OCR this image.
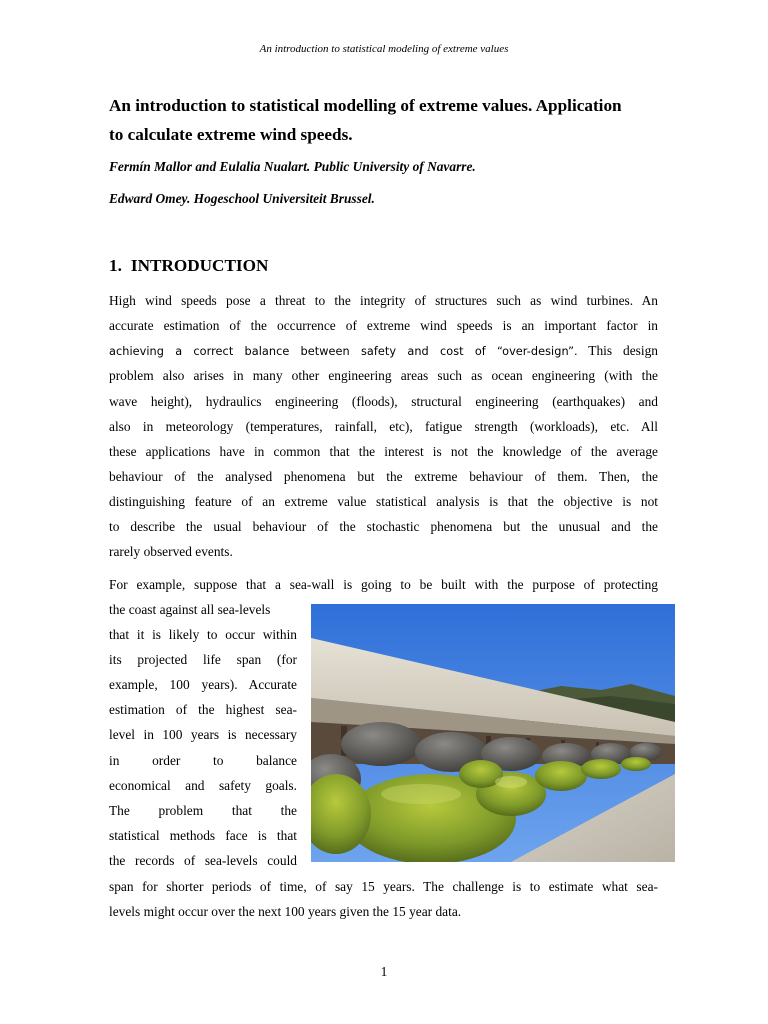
An introduction to statistical modeling of extreme values
An introduction to statistical modelling of extreme values. Application
to calculate extreme wind speeds.

Fermín Mallor and Eulalia Nualart. Public University of Navarre.

Edward Omey. Hogeschool Universiteit Brussel.

1. INTRODUCTION

High wind speeds pose a threat to the integrity of structures such as wind turbines. An

accurate estimation of the occurrence of extreme wind speeds is an important factor in

achieving a correct balance between safety and cost of “over-design”. This design

problem also arises in many other engineering areas such as ocean engineering (with the

wave height), hydraulics engineering (floods), structural engineering (earthquakes) and

also in meteorology (temperatures, rainfall, etc), fatigue strength (workloads), etc. All

these applications have in common that the interest is not the knowledge of the average

behaviour of the analysed phenomena but the extreme behaviour of them. Then, the

distinguishing feature of an extreme value statistical analysis is that the objective is not

to describe the usual behaviour of the stochastic phenomena but the unusual and the

rarely observed events.

For example, suppose that a sea-wall is going to be built with the purpose of protecting

the coast against all sea-levels

that it is likely to occur within

its projected life span (for

example, 100 years). Accurate

estimation of the highest sea-

level in 100 years is necessary

in order to balance

economical and safety goals.

The problem that the

statistical methods face is that

the records of sea-levels could

span for shorter periods of time, of say 15 years. The challenge is to estimate what sea-

levels might occur over the next 100 years given the 15 year data.

1
